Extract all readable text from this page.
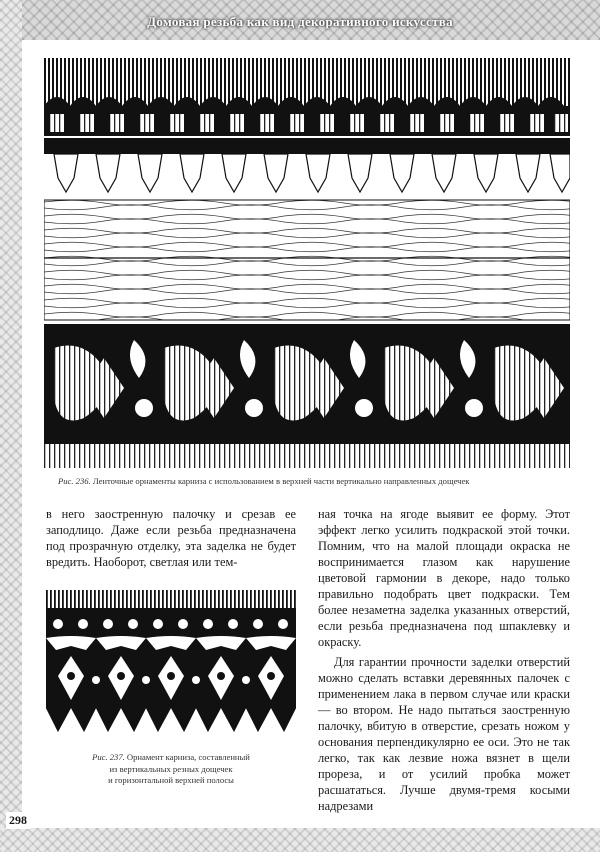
Домовая резьба как вид декоративного искусства
Рис. 236. Ленточные орнаменты карниза с использованием в верхней части вертикально направленных дощечек

в него заостренную палочку и срезав ее заподлицо. Даже если резьба предназначена под прозрачную отделку, эта заделка не будет вредить. Наоборот, светлая или тем-

Рис. 237. Орнамент карниза, составленный
из вертикальных резных дощечек
и горизонтальной верхней полосы

ная точка на ягоде выявит ее форму. Этот эффект легко усилить подкраской этой точки. Помним, что на малой площади окраска не воспринимается глазом как нарушение цветовой гармонии в декоре, надо только правильно подобрать цвет подкраски. Тем более незаметна заделка указанных отверстий, если резьба предназначена под шпаклевку и окраску.

Для гарантии прочности заделки отверстий можно сделать вставки деревянных палочек с применением лака в первом случае или краски — во втором. Не надо пытаться заостренную палочку, вбитую в отверстие, срезать ножом у основания перпендикулярно ее оси. Это не так легко, так как лезвие ножа вязнет в щели прореза, и от усилий пробка может расшататься. Лучше двумя-тремя косыми надрезами

298
